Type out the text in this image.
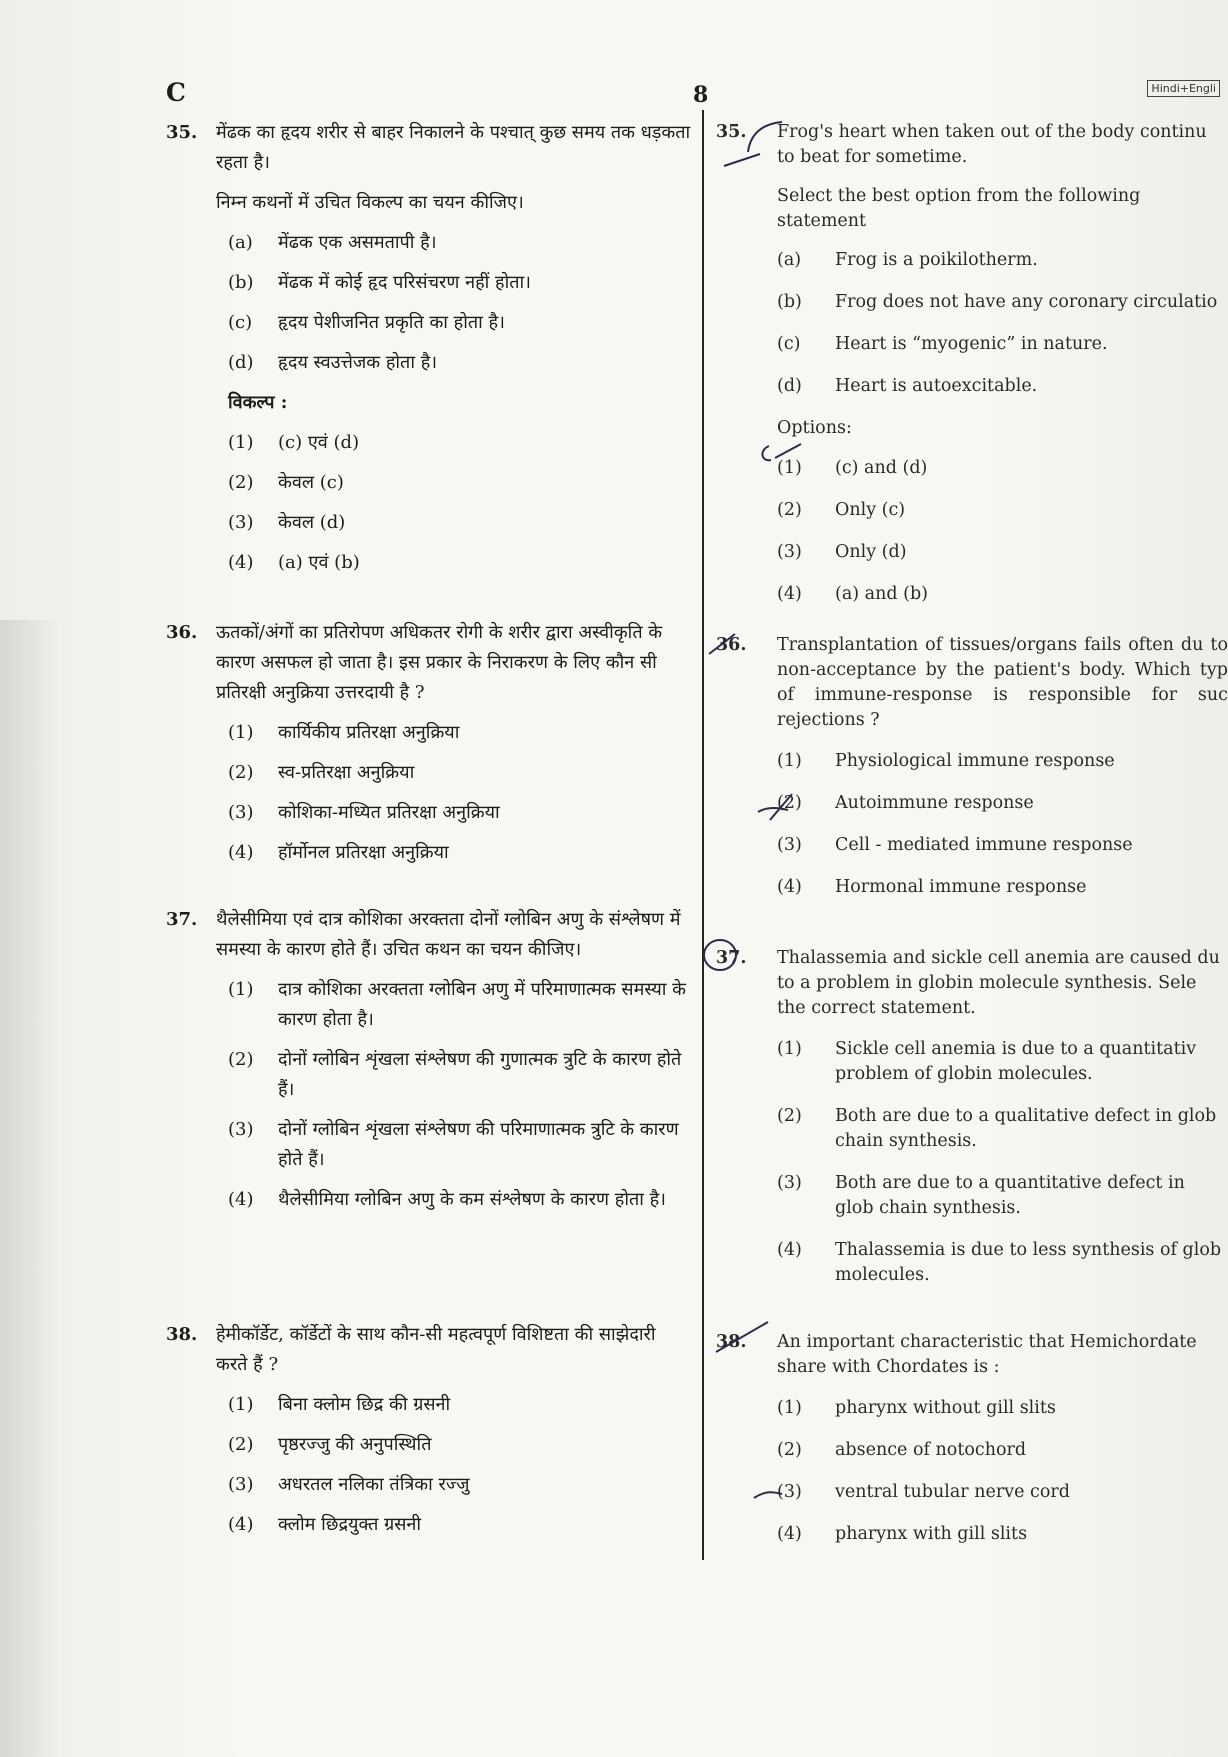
C	8	Hindi+Engli
35. मेंढक का हृदय शरीर से बाहर निकालने के पश्चात् कुछ समय तक धड़कता रहता है।

निम्न कथनों में उचित विकल्प का चयन कीजिए।

(a)	मेंढक एक असमतापी है।
(b)	मेंढक में कोई हृद परिसंचरण नहीं होता।
(c)	हृदय पेशीजनित प्रकृति का होता है।
(d)	हृदय स्वउत्तेजक होता है।
विकल्प :
(1)	(c) एवं (d)
(2)	केवल (c)
(3)	केवल (d)
(4)	(a) एवं (b)
36. ऊतकों/अंगों का प्रतिरोपण अधिकतर रोगी के शरीर द्वारा अस्वीकृति के कारण असफल हो जाता है। इस प्रकार के निराकरण के लिए कौन सी प्रतिरक्षी अनुक्रिया उत्तरदायी है ?

(1)	कार्यिकीय प्रतिरक्षा अनुक्रिया
(2)	स्व-प्रतिरक्षा अनुक्रिया
(3)	कोशिका-मध्यित प्रतिरक्षा अनुक्रिया
(4)	हॉर्मोनल प्रतिरक्षा अनुक्रिया
37. थैलेसीमिया एवं दात्र कोशिका अरक्तता दोनों ग्लोबिन अणु के संश्लेषण में समस्या के कारण होते हैं। उचित कथन का चयन कीजिए।

(1)	दात्र कोशिका अरक्तता ग्लोबिन अणु में परिमाणात्मक समस्या के कारण होता है।
(2)	दोनों ग्लोबिन शृंखला संश्लेषण की गुणात्मक त्रुटि के कारण होते हैं।
(3)	दोनों ग्लोबिन शृंखला संश्लेषण की परिमाणात्मक त्रुटि के कारण होते हैं।
(4)	थैलेसीमिया ग्लोबिन अणु के कम संश्लेषण के कारण होता है।
38. हेमीकॉर्डेट, कॉर्डेटों के साथ कौन-सी महत्वपूर्ण विशिष्टता की साझेदारी करते हैं ?

(1)	बिना क्लोम छिद्र की ग्रसनी
(2)	पृष्ठरज्जु की अनुपस्थिति
(3)	अधरतल नलिका तंत्रिका रज्जु
(4)	क्लोम छिद्रयुक्त ग्रसनी
35. Frog's heart when taken out of the body continu to beat for sometime.

Select the best option from the following statement

(a)	Frog is a poikilotherm.
(b)	Frog does not have any coronary circulatio
(c)	Heart is “myogenic” in nature.
(d)	Heart is autoexcitable.
Options:
(1)	(c) and (d)
(2)	Only (c)
(3)	Only (d)
(4)	(a) and (b)
36. Transplantation of tissues/organs fails often du to non-acceptance by the patient's body. Which typ of immune-response is responsible for suc rejections ?

(1)	Physiological immune response
(2)	Autoimmune response
(3)	Cell - mediated immune response
(4)	Hormonal immune response
37. Thalassemia and sickle cell anemia are caused du to a problem in globin molecule synthesis. Sele the correct statement.

(1)	Sickle cell anemia is due to a quantitativ problem of globin molecules.
(2)	Both are due to a qualitative defect in glob chain synthesis.
(3)	Both are due to a quantitative defect in glob chain synthesis.
(4)	Thalassemia is due to less synthesis of glob molecules.
38. An important characteristic that Hemichordate share with Chordates is :

(1)	pharynx without gill slits
(2)	absence of notochord
(3)	ventral tubular nerve cord
(4)	pharynx with gill slits
